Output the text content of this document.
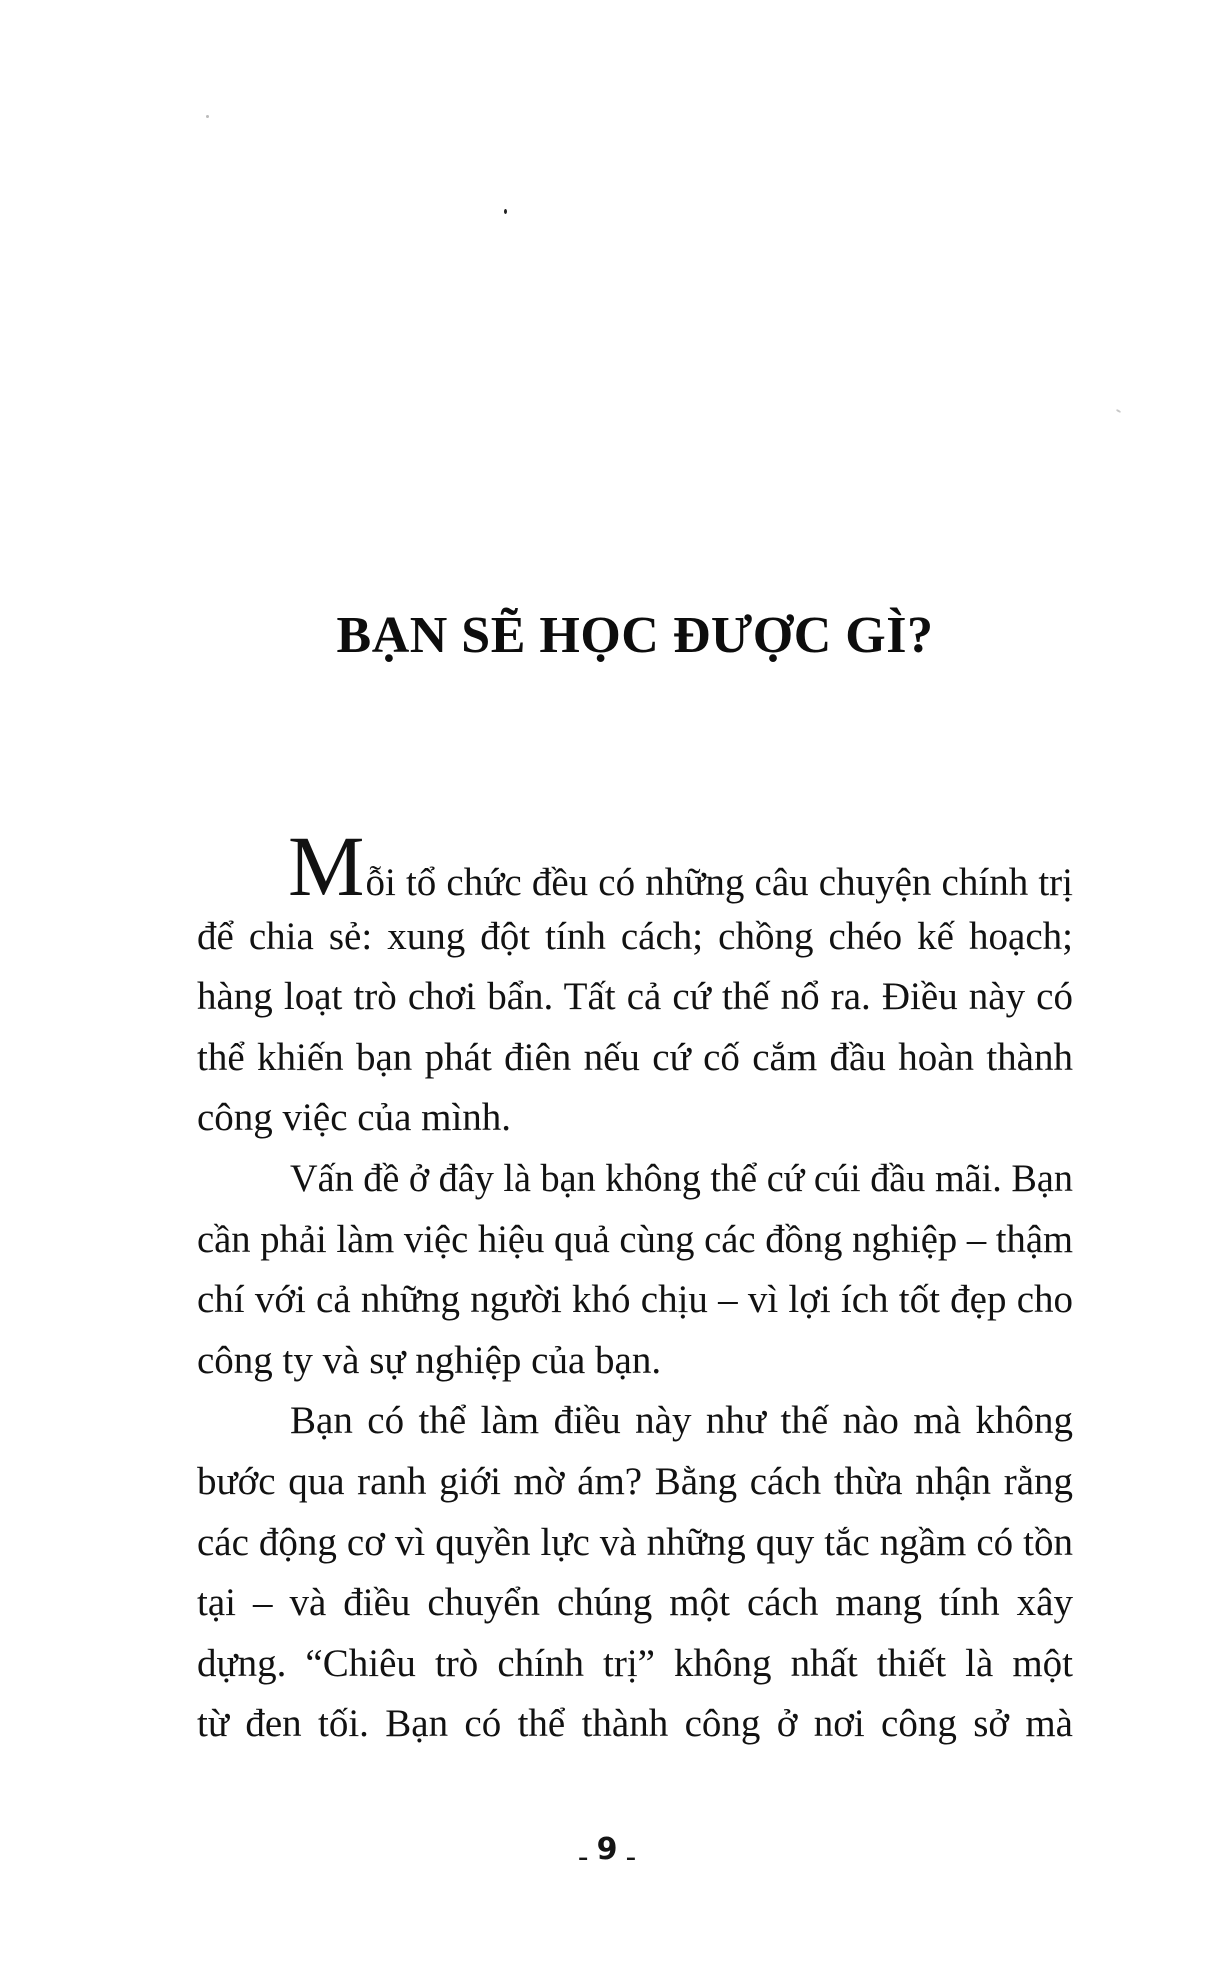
BẠN SẼ HỌC ĐƯỢC GÌ?
Mỗi tổ chức đều có những câu chuyện chính trị
để chia sẻ: xung đột tính cách; chồng chéo kế hoạch;
hàng loạt trò chơi bẩn. Tất cả cứ thế nổ ra. Điều này có
thể khiến bạn phát điên nếu cứ cố cắm đầu hoàn thành
công việc của mình.
Vấn đề ở đây là bạn không thể cứ cúi đầu mãi. Bạn
cần phải làm việc hiệu quả cùng các đồng nghiệp – thậm
chí với cả những người khó chịu – vì lợi ích tốt đẹp cho
công ty và sự nghiệp của bạn.
Bạn có thể làm điều này như thế nào mà không
bước qua ranh giới mờ ám? Bằng cách thừa nhận rằng
các động cơ vì quyền lực và những quy tắc ngầm có tồn
tại – và điều chuyển chúng một cách mang tính xây
dựng. “Chiêu trò chính trị” không nhất thiết là một
từ đen tối. Bạn có thể thành công ở nơi công sở mà
- 9 -
